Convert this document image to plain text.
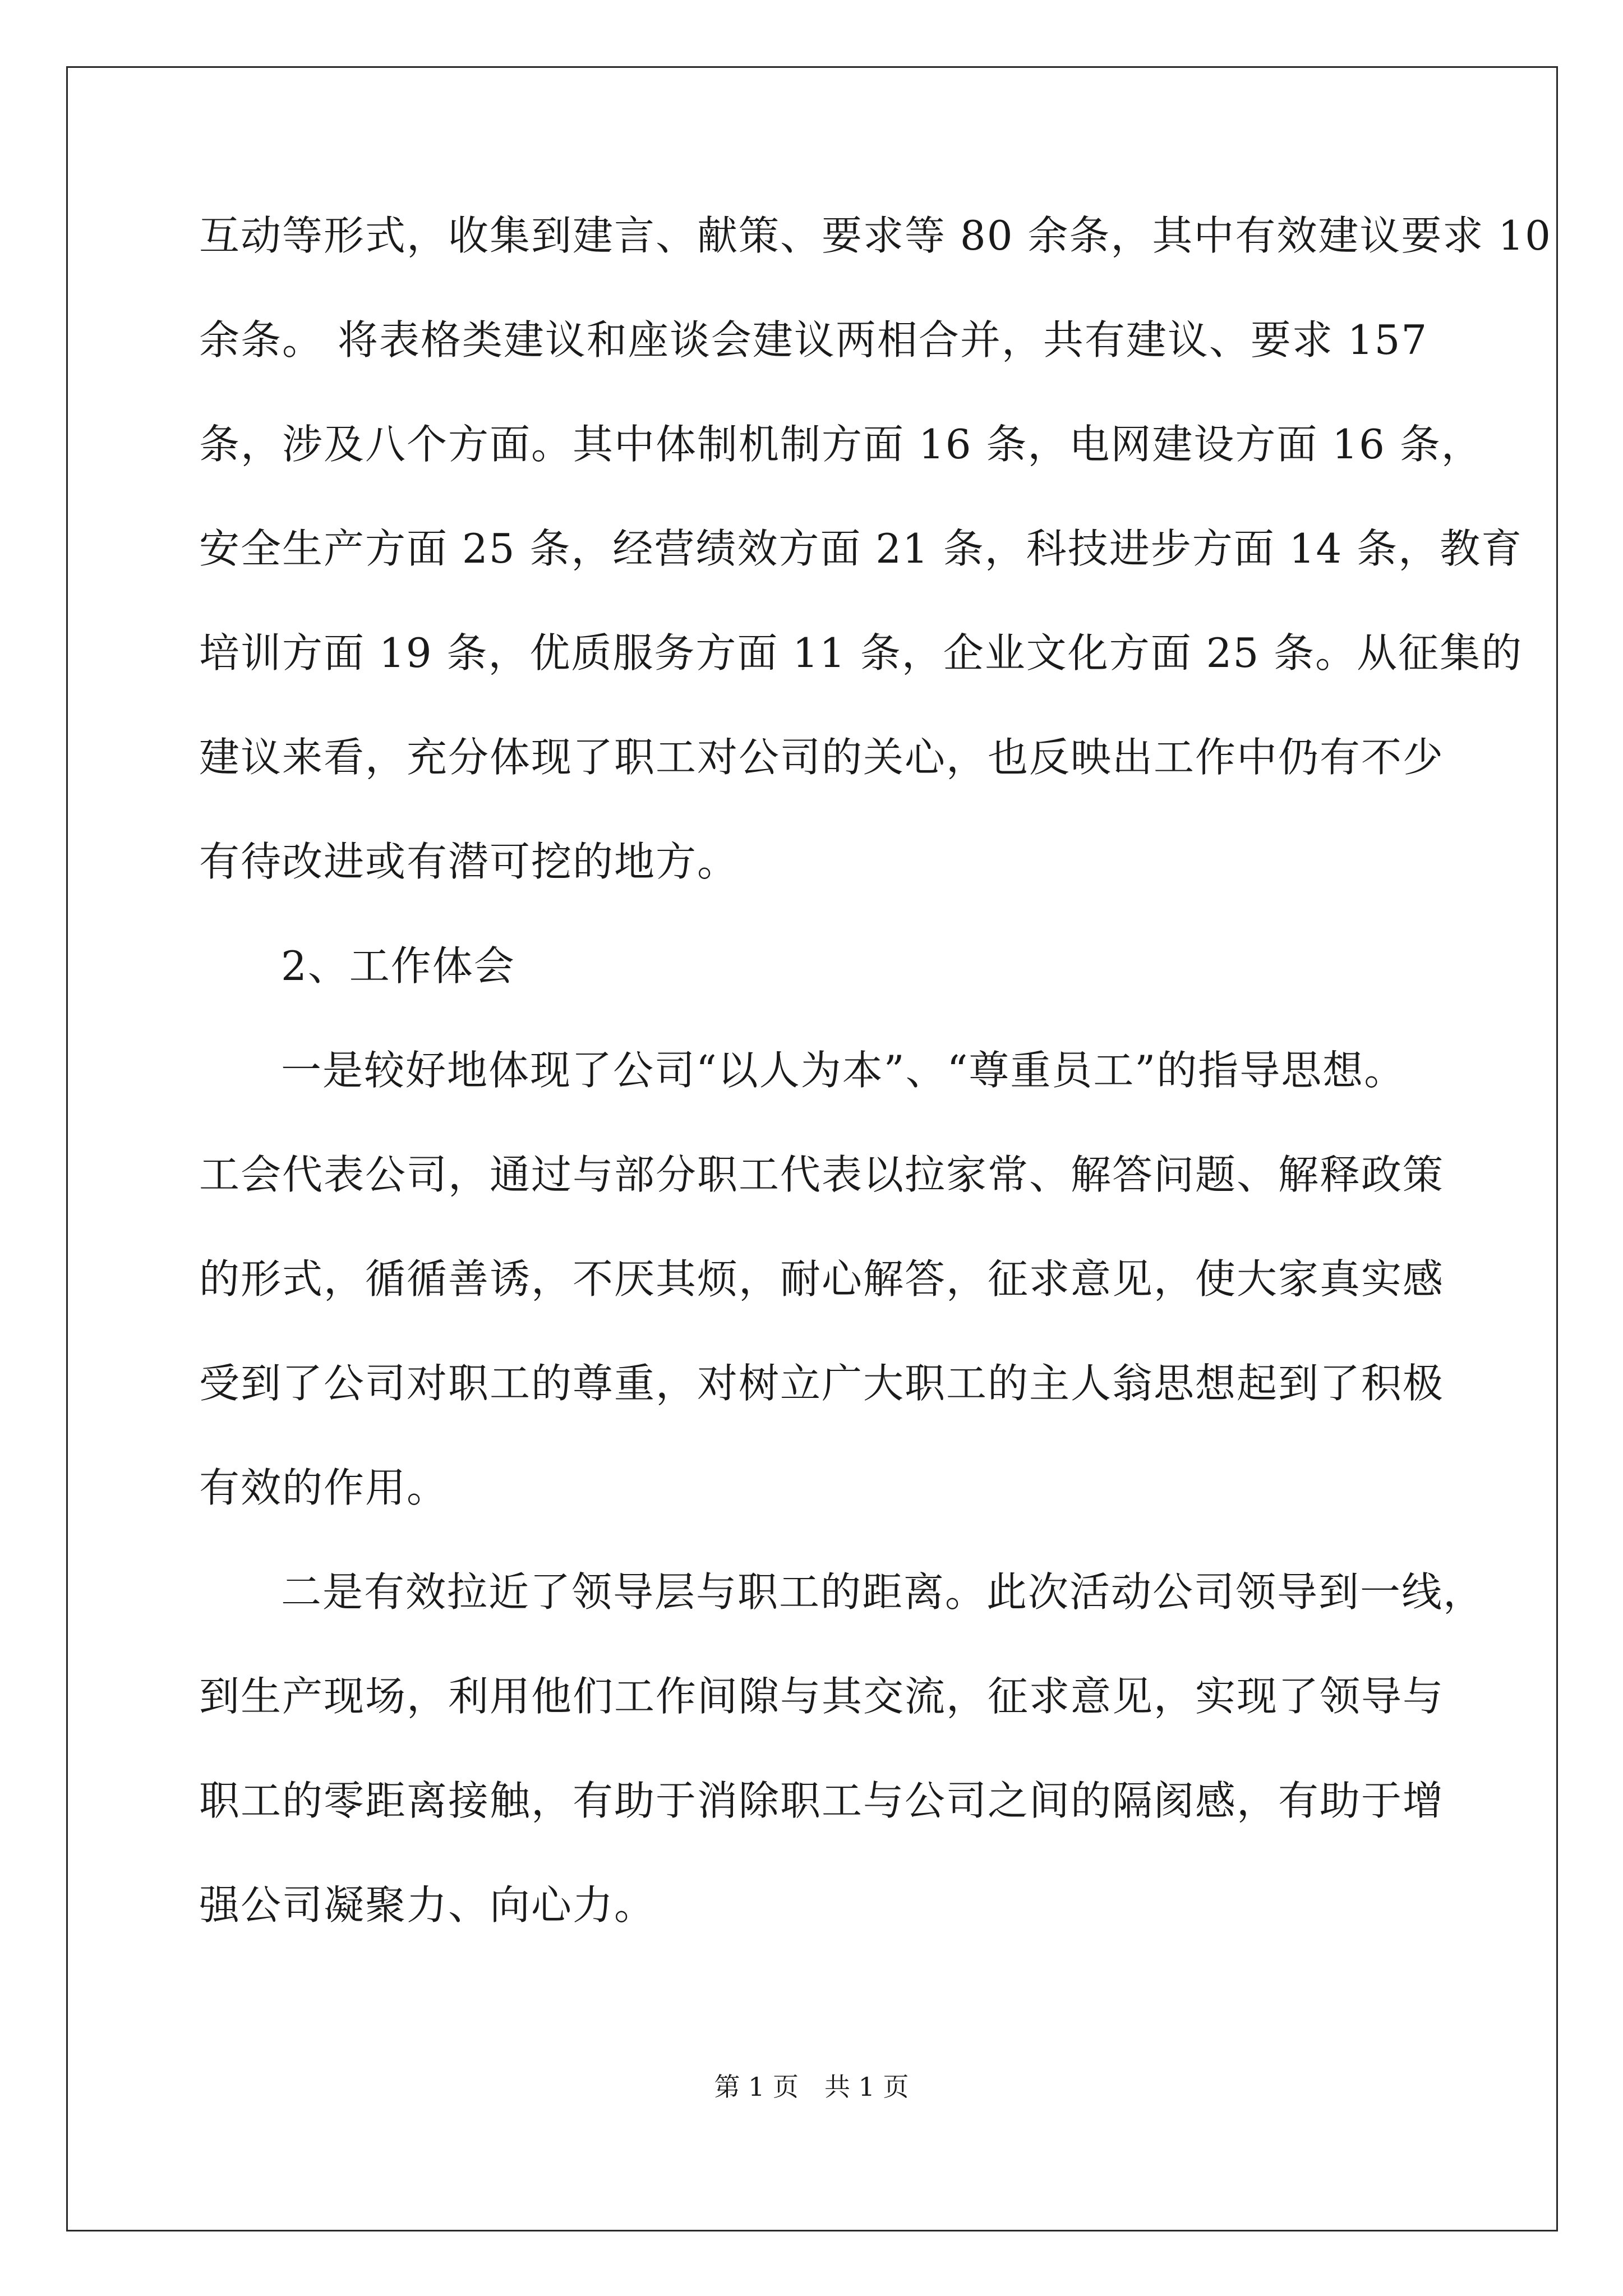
互动等形式，收集到建言、献策、要求等 80 余条，其中有效建议要求 10
余条。 将表格类建议和座谈会建议两相合并，共有建议、要求 157
条，涉及八个方面。其中体制机制方面 16 条，电网建设方面 16 条，
安全生产方面 25 条，经营绩效方面 21 条，科技进步方面 14 条，教育
培训方面 19 条，优质服务方面 11 条，企业文化方面 25 条。从征集的
建议来看，充分体现了职工对公司的关心，也反映出工作中仍有不少
有待改进或有潜可挖的地方。
2、工作体会
一是较好地体现了公司“以人为本”、“尊重员工”的指导思想。
工会代表公司，通过与部分职工代表以拉家常、解答问题、解释政策
的形式，循循善诱，不厌其烦，耐心解答，征求意见，使大家真实感
受到了公司对职工的尊重，对树立广大职工的主人翁思想起到了积极
有效的作用。
二是有效拉近了领导层与职工的距离。此次活动公司领导到一线，
到生产现场，利用他们工作间隙与其交流，征求意见，实现了领导与
职工的零距离接触，有助于消除职工与公司之间的隔阂感，有助于增
强公司凝聚力、向心力。
第 1 页　共 1 页
